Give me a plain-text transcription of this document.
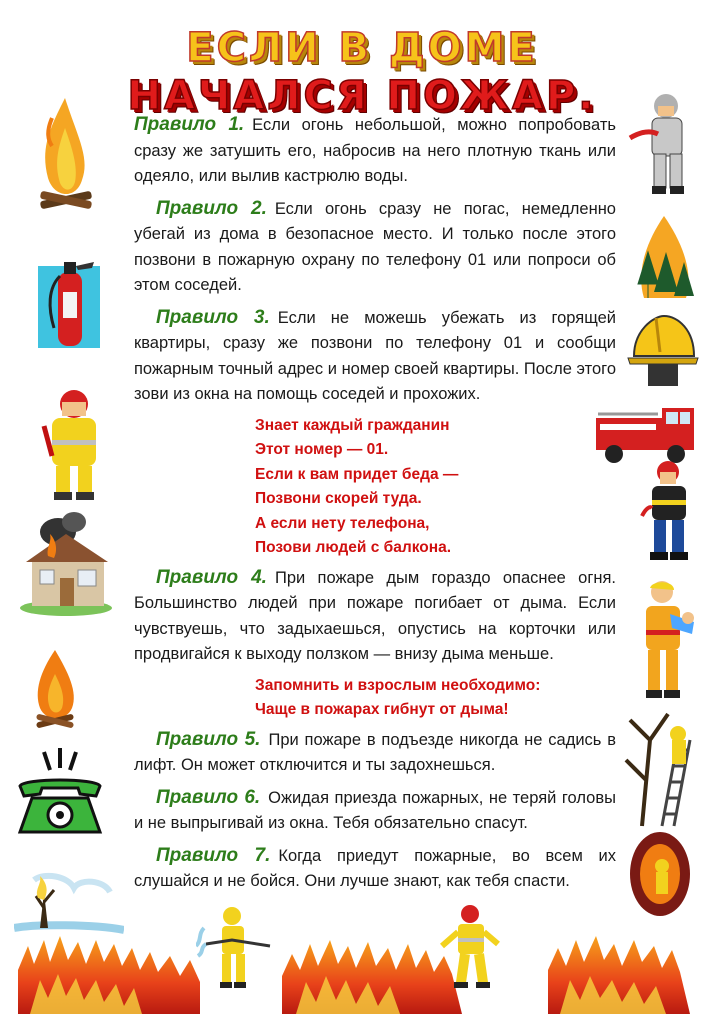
ЕСЛИ В ДОМЕ
НАЧАЛСЯ ПОЖАР.

Правило 1. Если огонь небольшой, можно попробовать сразу же затушить его, набросив на него плотную ткань или одеяло, или вылив кастрюлю воды.

Правило 2. Если огонь сразу не погас, немедленно убегай из дома в безопасное место. И только после этого позвони в пожарную охрану по телефону 01 или попроси об этом соседей.

Правило 3. Если не можешь убежать из горящей квартиры, сразу же позвони по телефону 01 и сообщи пожарным точный адрес и номер своей квартиры. После этого зови из окна на помощь соседей и прохожих.

Знает каждый гражданин
Этот номер — 01.
Если к вам придет беда —
Позвони скорей туда.
А если нету телефона,
Позови людей с балкона.

Правило 4. При пожаре дым гораздо опаснее огня. Большинство людей при пожаре погибает от дыма. Если чувствуешь, что задыхаешься, опустись на корточки или продвигайся к выходу ползком — внизу дыма меньше.

Запомнить и взрослым необходимо:
Чаще в пожарах гибнут от дыма!

Правило 5. При пожаре в подъезде никогда не садись в лифт. Он может отключится и ты задохнешься.

Правило 6. Ожидая приезда пожарных, не теряй головы и не выпрыгивай из окна. Тебя обязательно спасут.

Правило 7. Когда приедут пожарные, во всем их слушайся и не бойся. Они лучше знают, как тебя спасти.
